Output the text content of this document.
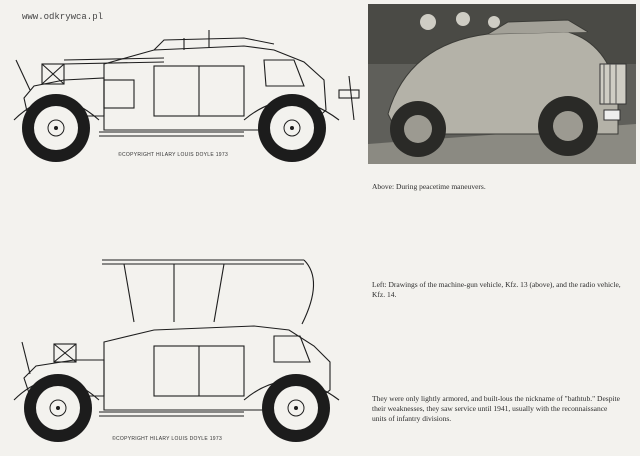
www.odkrywca.pl
©COPYRIGHT HILARY LOUIS DOYLE 1973
Above: During peacetime maneuvers.
©COPYRIGHT HILARY LOUIS DOYLE 1973
Left: Drawings of the machine-gun vehicle, Kfz. 13 (above), and the radio vehicle, Kfz. 14.
They were only lightly armored, and built-lous the nickname of "bathtub." Despite their weaknesses, they saw service until 1941, usually with the reconnaissance units of infantry divisions.
